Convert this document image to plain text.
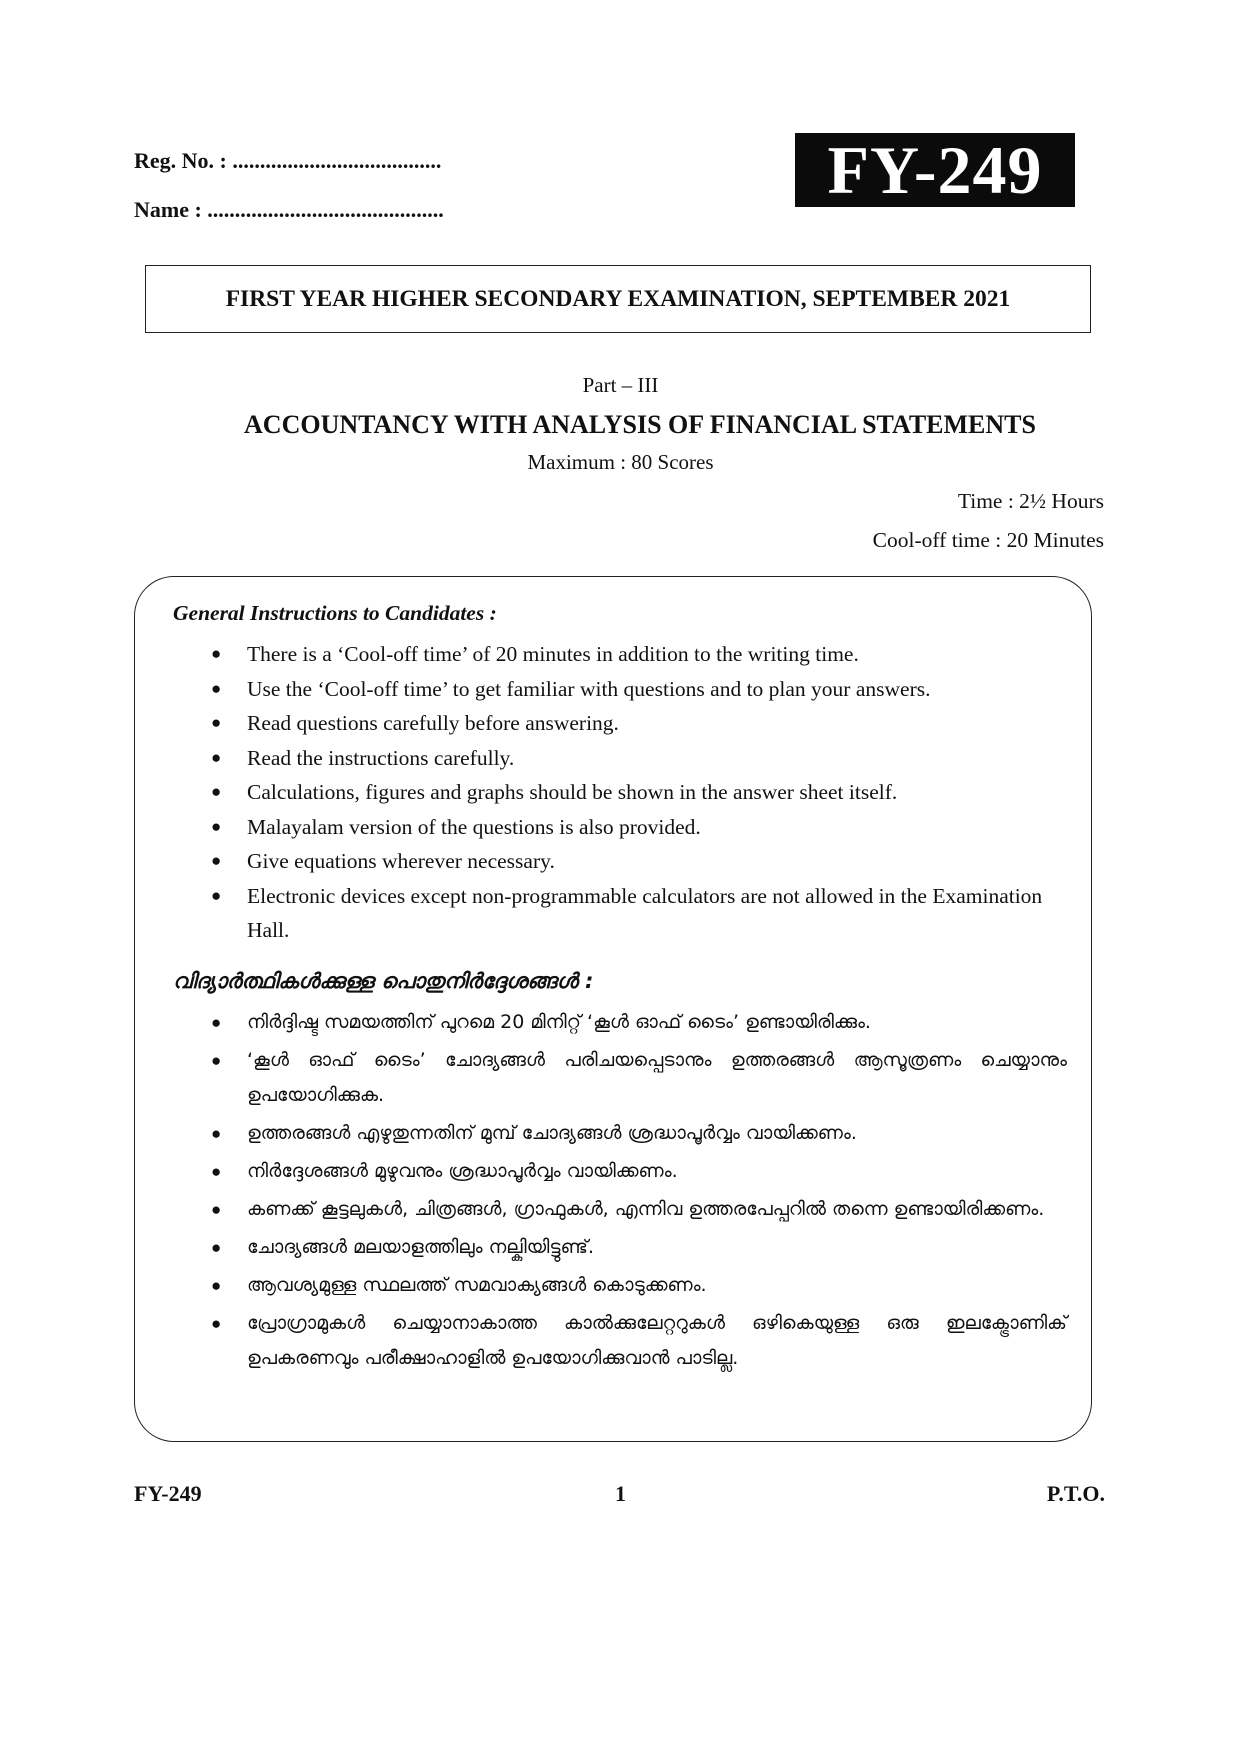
Reg. No. : ......................................
Name : ...........................................
FY-249
FIRST YEAR HIGHER SECONDARY EXAMINATION, SEPTEMBER 2021
Part – III
ACCOUNTANCY WITH ANALYSIS OF FINANCIAL STATEMENTS
Maximum : 80 Scores
Time : 2½ Hours
Cool-off time : 20 Minutes
General Instructions to Candidates :
● There is a ‘Cool-off time’ of 20 minutes in addition to the writing time.
● Use the ‘Cool-off time’ to get familiar with questions and to plan your answers.
● Read questions carefully before answering.
● Read the instructions carefully.
● Calculations, figures and graphs should be shown in the answer sheet itself.
● Malayalam version of the questions is also provided.
● Give equations wherever necessary.
● Electronic devices except non-programmable calculators are not allowed in the Examination Hall.
വിദ്യാർത്ഥികൾക്കുള്ള പൊതുനിർദ്ദേശങ്ങൾ :
● നിർദ്ദിഷ്ട സമയത്തിന് പുറമെ 20 മിനിറ്റ് ‘കൂൾ ഓഫ് ടൈം’ ഉണ്ടായിരിക്കും.
● ‘കൂൾ ഓഫ് ടൈം’ ചോദ്യങ്ങൾ പരിചയപ്പെടാനും ഉത്തരങ്ങൾ ആസൂത്രണം ചെയ്യാനും ഉപയോഗിക്കുക.
● ഉത്തരങ്ങൾ എഴുതുന്നതിന് മുമ്പ് ചോദ്യങ്ങൾ ശ്രദ്ധാപൂർവ്വം വായിക്കണം.
● നിർദ്ദേശങ്ങൾ മുഴുവനും ശ്രദ്ധാപൂർവ്വം വായിക്കണം.
● കണക്ക് കൂട്ടലുകൾ, ചിത്രങ്ങൾ, ഗ്രാഫുകൾ, എന്നിവ ഉത്തരപേപ്പറിൽ തന്നെ ഉണ്ടായിരിക്കണം.
● ചോദ്യങ്ങൾ മലയാളത്തിലും നല്കിയിട്ടുണ്ട്.
● ആവശ്യമുള്ള സ്ഥലത്ത് സമവാക്യങ്ങൾ കൊടുക്കണം.
● പ്രോഗ്രാമുകൾ ചെയ്യാനാകാത്ത കാൽക്കുലേറ്ററുകൾ ഒഴികെയുള്ള ഒരു ഇലക്ട്രോണിക് ഉപകരണവും പരീക്ഷാഹാളിൽ ഉപയോഗിക്കുവാൻ പാടില്ല.
FY-249	1	P.T.O.
